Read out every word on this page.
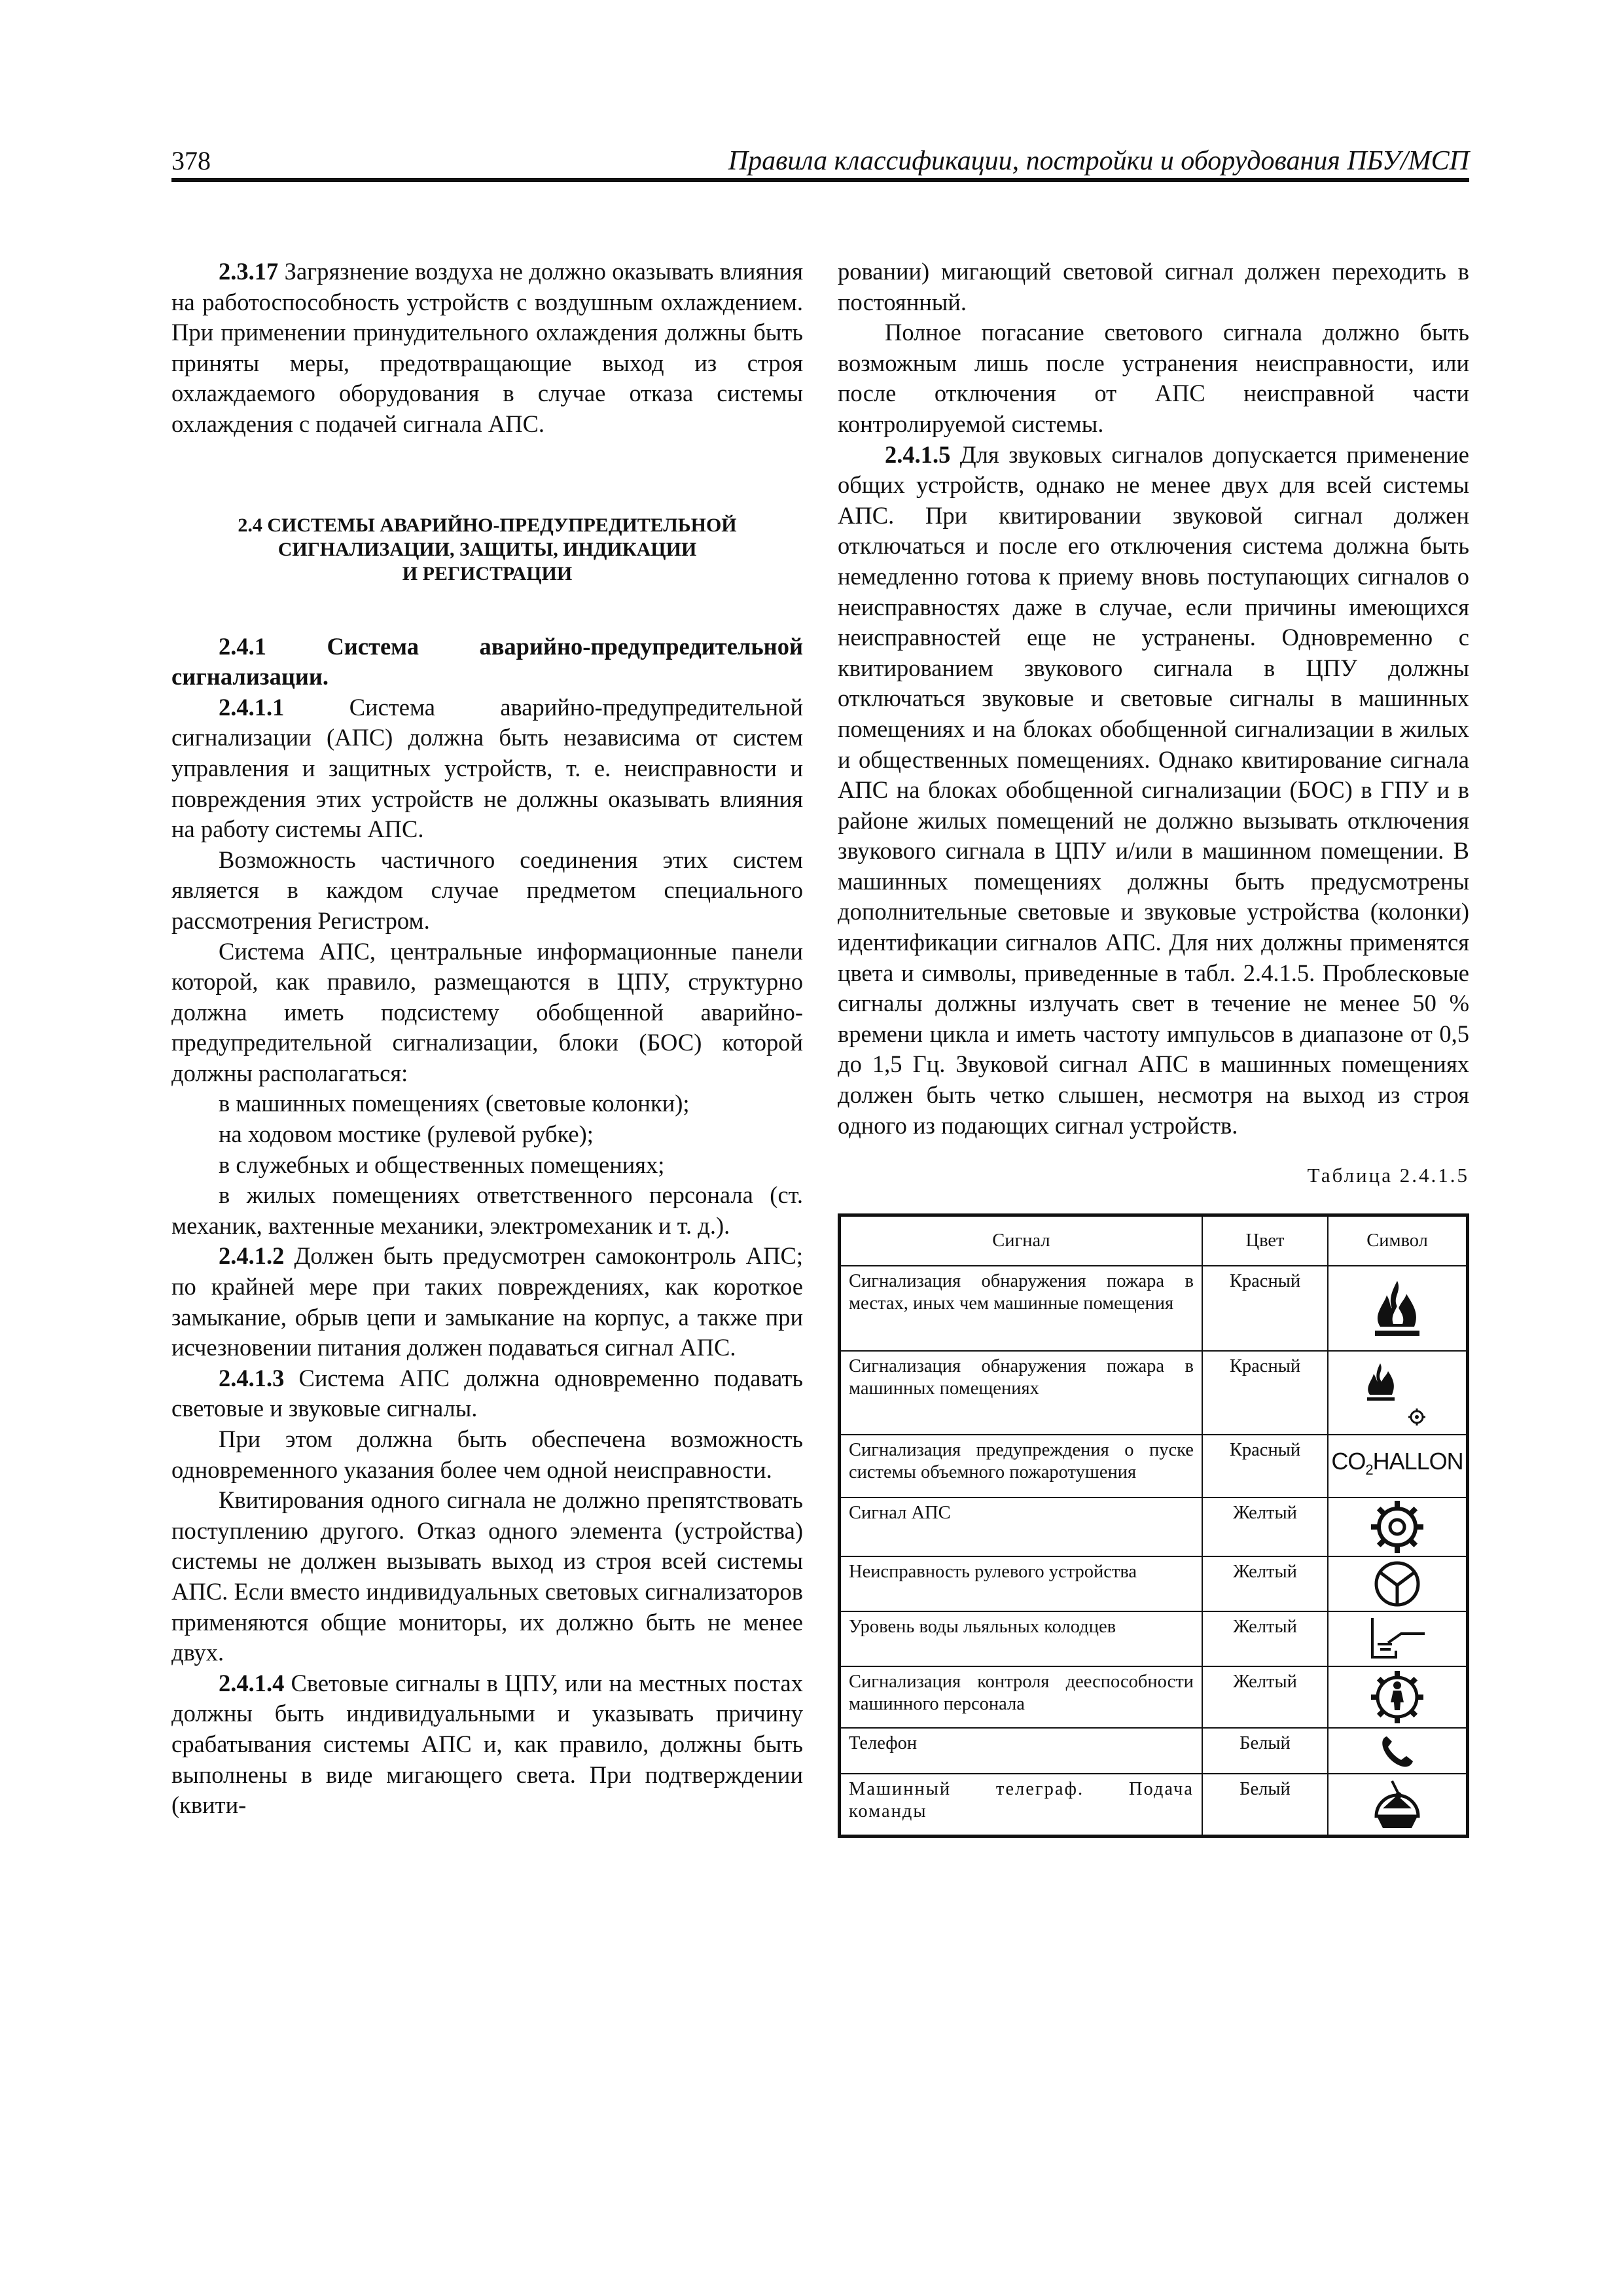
378	Правила классификации, постройки и оборудования ПБУ/МСП

2.3.17 Загрязнение воздуха не должно оказывать влияния на работоспособность устройств с воздушным охлаждением. При применении принудительного охлаждения должны быть приняты меры, предотвращающие выход из строя охлаждаемого оборудования в случае отказа системы охлаждения с подачей сигнала АПС.

2.4 СИСТЕМЫ АВАРИЙНО-ПРЕДУПРЕДИТЕЛЬНОЙ
СИГНАЛИЗАЦИИ, ЗАЩИТЫ, ИНДИКАЦИИ
И РЕГИСТРАЦИИ

2.4.1 Система аварийно-предупредительной сигнализации.

2.4.1.1 Система аварийно-предупредительной сигнализации (АПС) должна быть независима от систем управления и защитных устройств, т. е. неисправности и повреждения этих устройств не должны оказывать влияния на работу системы АПС.

Возможность частичного соединения этих систем является в каждом случае предметом специального рассмотрения Регистром.

Система АПС, центральные информационные панели которой, как правило, размещаются в ЦПУ, структурно должна иметь подсистему обобщенной аварийно-предупредительной сигнализации, блоки (БОС) которой должны располагаться:

в машинных помещениях (световые колонки);

на ходовом мостике (рулевой рубке);

в служебных и общественных помещениях;

в жилых помещениях ответственного персонала (ст. механик, вахтенные механики, электромеханик и т. д.).

2.4.1.2 Должен быть предусмотрен самоконтроль АПС; по крайней мере при таких повреждениях, как короткое замыкание, обрыв цепи и замыкание на корпус, а также при исчезновении питания должен подаваться сигнал АПС.

2.4.1.3 Система АПС должна одновременно подавать световые и звуковые сигналы.

При этом должна быть обеспечена возможность одновременного указания более чем одной неисправности.

Квитирования одного сигнала не должно препятствовать поступлению другого. Отказ одного элемента (устройства) системы не должен вызывать выход из строя всей системы АПС. Если вместо индивидуальных световых сигнализаторов применяются общие мониторы, их должно быть не менее двух.

2.4.1.4 Световые сигналы в ЦПУ, или на местных постах должны быть индивидуальными и указывать причину срабатывания системы АПС и, как правило, должны быть выполнены в виде мигающего света. При подтверждении (квити-

ровании) мигающий световой сигнал должен переходить в постоянный.

Полное погасание светового сигнала должно быть возможным лишь после устранения неисправности, или после отключения от АПС неисправной части контролируемой системы.

2.4.1.5 Для звуковых сигналов допускается применение общих устройств, однако не менее двух для всей системы АПС. При квитировании звуковой сигнал должен отключаться и после его отключения система должна быть немедленно готова к приему вновь поступающих сигналов о неисправностях даже в случае, если причины имеющихся неисправностей еще не устранены. Одновременно с квитированием звукового сигнала в ЦПУ должны отключаться звуковые и световые сигналы в машинных помещениях и на блоках обобщенной сигнализации в жилых и общественных помещениях. Однако квитирование сигнала АПС на блоках обобщенной сигнализации (БОС) в ГПУ и в районе жилых помещений не должно вызывать отключения звукового сигнала в ЦПУ и/или в машинном помещении. В машинных помещениях должны быть предусмотрены дополнительные световые и звуковые устройства (колонки) идентификации сигналов АПС. Для них должны применятся цвета и символы, приведенные в табл. 2.4.1.5. Проблесковые сигналы должны излучать свет в течение не менее 50 % времени цикла и иметь частоту импульсов в диапазоне от 0,5 до 1,5 Гц. Звуковой сигнал АПС в машинных помещениях должен быть четко слышен, несмотря на выход из строя одного из подающих сигнал устройств.

Таблица 2.4.1.5
Сигнал	Цвет	Символ
Сигнализация обнаружения пожара в местах, иных чем машинные помещения	Красный	

Сигнализация обнаружения пожара в машинных помещениях	Красный	

Сигнализация предупреждения о пуске системы объемного пожаротушения	Красный	$CO_2HALLON$
Сигнал АПС	Желтый	

Неисправность рулевого устройства	Желтый	

Уровень воды льяльных колодцев	Желтый	

Сигнализация контроля дееспособности машинного персонала	Желтый	

Телефон	Белый	

Машинный телеграф. Подача команды	Белый	
